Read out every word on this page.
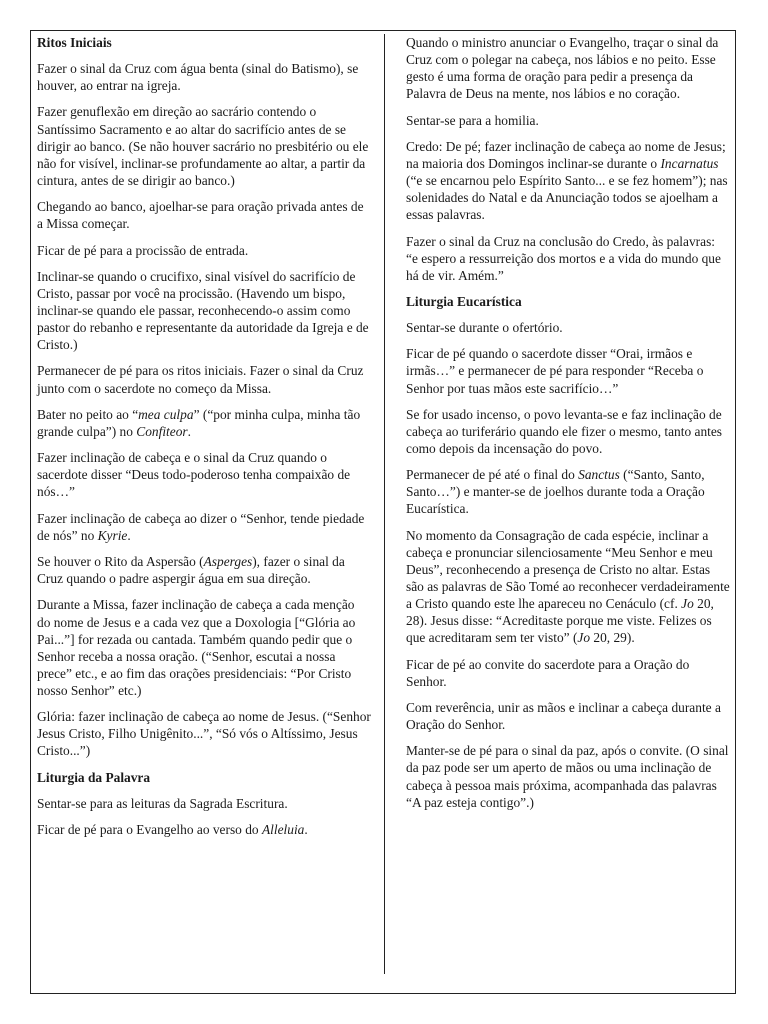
Ritos Iniciais

Fazer o sinal da Cruz com água benta (sinal do Batismo), se houver, ao entrar na igreja.

Fazer genuflexão em direção ao sacrário contendo o Santíssimo Sacramento e ao altar do sacrifício antes de se dirigir ao banco. (Se não houver sacrário no presbitério ou ele não for visível, inclinar-se profundamente ao altar, a partir da cintura, antes de se dirigir ao banco.)

Chegando ao banco, ajoelhar-se para oração privada antes de a Missa começar.

Ficar de pé para a procissão de entrada.

Inclinar-se quando o crucifixo, sinal visível do sacrifício de Cristo, passar por você na procissão. (Havendo um bispo, inclinar-se quando ele passar, reconhecendo-o assim como pastor do rebanho e representante da autoridade da Igreja e de Cristo.)

Permanecer de pé para os ritos iniciais. Fazer o sinal da Cruz junto com o sacerdote no começo da Missa.

Bater no peito ao “mea culpa” (“por minha culpa, minha tão grande culpa”) no Confiteor.

Fazer inclinação de cabeça e o sinal da Cruz quando o sacerdote disser “Deus todo-poderoso tenha compaixão de nós…”

Fazer inclinação de cabeça ao dizer o “Senhor, tende piedade de nós” no Kyrie.

Se houver o Rito da Aspersão (Asperges), fazer o sinal da Cruz quando o padre aspergir água em sua direção.

Durante a Missa, fazer inclinação de cabeça a cada menção do nome de Jesus e a cada vez que a Doxologia [“Glória ao Pai...”] for rezada ou cantada. Também quando pedir que o Senhor receba a nossa oração. (“Senhor, escutai a nossa prece” etc., e ao fim das orações presidenciais: “Por Cristo nosso Senhor” etc.)

Glória: fazer inclinação de cabeça ao nome de Jesus. (“Senhor Jesus Cristo, Filho Unigênito...”, “Só vós o Altíssimo, Jesus Cristo...”)

Liturgia da Palavra

Sentar-se para as leituras da Sagrada Escritura.

Ficar de pé para o Evangelho ao verso do Alleluia.

Quando o ministro anunciar o Evangelho, traçar o sinal da Cruz com o polegar na cabeça, nos lábios e no peito. Esse gesto é uma forma de oração para pedir a presença da Palavra de Deus na mente, nos lábios e no coração.

Sentar-se para a homilia.

Credo: De pé; fazer inclinação de cabeça ao nome de Jesus; na maioria dos Domingos inclinar-se durante o Incarnatus (“e se encarnou pelo Espírito Santo... e se fez homem”); nas solenidades do Natal e da Anunciação todos se ajoelham a essas palavras.

Fazer o sinal da Cruz na conclusão do Credo, às palavras: “e espero a ressurreição dos mortos e a vida do mundo que há de vir. Amém.”

Liturgia Eucarística

Sentar-se durante o ofertório.

Ficar de pé quando o sacerdote disser “Orai, irmãos e irmãs…” e permanecer de pé para responder “Receba o Senhor por tuas mãos este sacrifício…”

Se for usado incenso, o povo levanta-se e faz inclinação de cabeça ao turiferário quando ele fizer o mesmo, tanto antes como depois da incensação do povo.

Permanecer de pé até o final do Sanctus (“Santo, Santo, Santo…”) e manter-se de joelhos durante toda a Oração Eucarística.

No momento da Consagração de cada espécie, inclinar a cabeça e pronunciar silenciosamente “Meu Senhor e meu Deus”, reconhecendo a presença de Cristo no altar. Estas são as palavras de São Tomé ao reconhecer verdadeiramente a Cristo quando este lhe apareceu no Cenáculo (cf. Jo 20, 28). Jesus disse: “Acreditaste porque me viste. Felizes os que acreditaram sem ter visto” (Jo 20, 29).

Ficar de pé ao convite do sacerdote para a Oração do Senhor.

Com reverência, unir as mãos e inclinar a cabeça durante a Oração do Senhor.

Manter-se de pé para o sinal da paz, após o convite. (O sinal da paz pode ser um aperto de mãos ou uma inclinação de cabeça à pessoa mais próxima, acompanhada das palavras “A paz esteja contigo”.)
